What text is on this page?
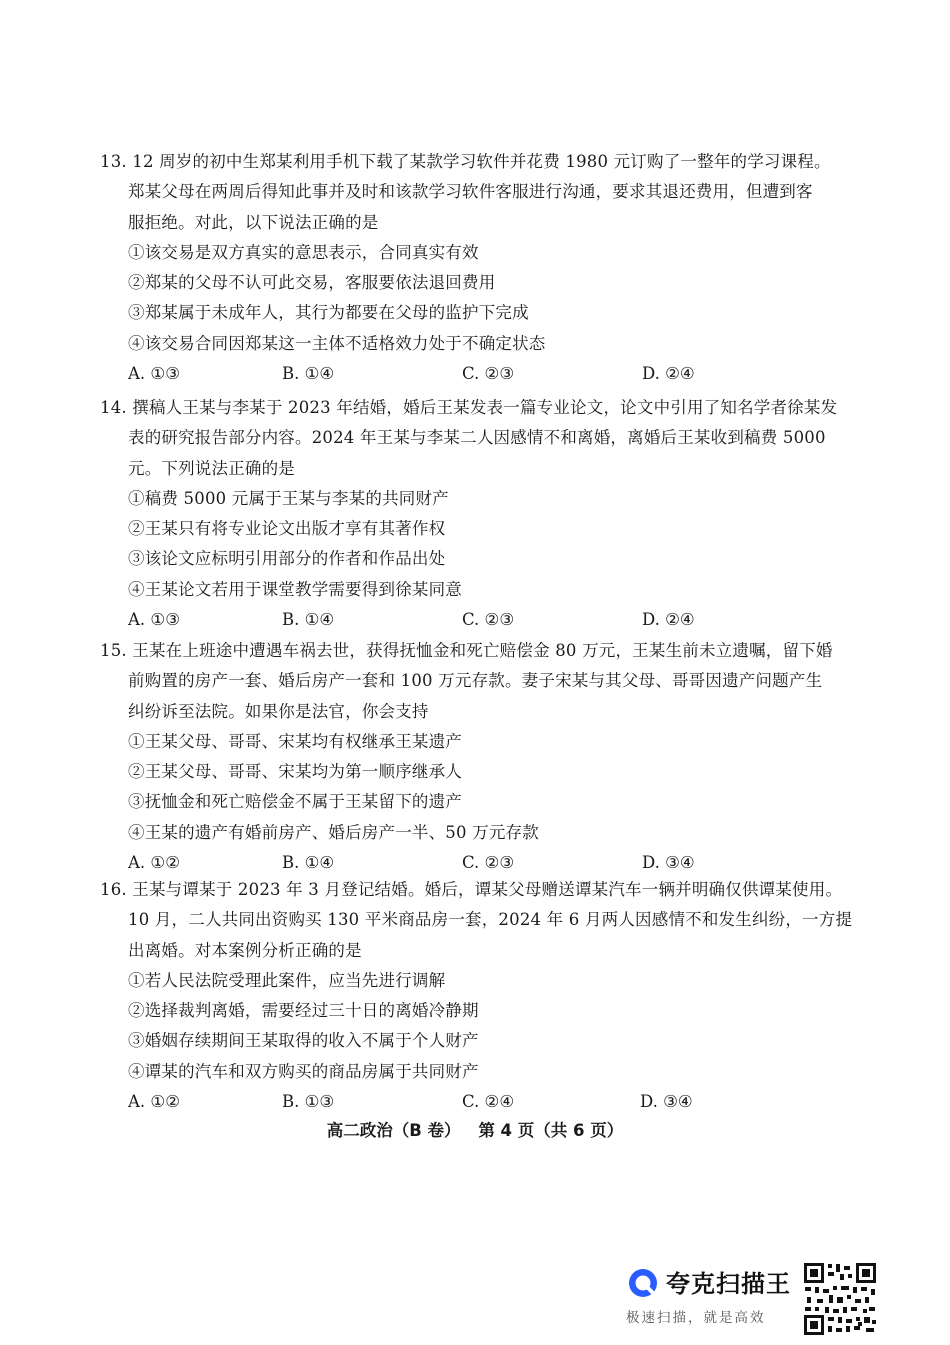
13. 12 周岁的初中生郑某利用手机下载了某款学习软件并花费 1980 元订购了一整年的学习课程。
郑某父母在两周后得知此事并及时和该款学习软件客服进行沟通，要求其退还费用，但遭到客
服拒绝。对此，以下说法正确的是
①该交易是双方真实的意思表示，合同真实有效
②郑某的父母不认可此交易，客服要依法退回费用
③郑某属于未成年人，其行为都要在父母的监护下完成
④该交易合同因郑某这一主体不适格效力处于不确定状态
A. ①③	B. ①④	C. ②③	D. ②④
14. 撰稿人王某与李某于 2023 年结婚，婚后王某发表一篇专业论文，论文中引用了知名学者徐某发
表的研究报告部分内容。2024 年王某与李某二人因感情不和离婚，离婚后王某收到稿费 5000
元。下列说法正确的是
①稿费 5000 元属于王某与李某的共同财产
②王某只有将专业论文出版才享有其著作权
③该论文应标明引用部分的作者和作品出处
④王某论文若用于课堂教学需要得到徐某同意
A. ①③	B. ①④	C. ②③	D. ②④
15. 王某在上班途中遭遇车祸去世，获得抚恤金和死亡赔偿金 80 万元，王某生前未立遗嘱，留下婚
前购置的房产一套、婚后房产一套和 100 万元存款。妻子宋某与其父母、哥哥因遗产问题产生
纠纷诉至法院。如果你是法官，你会支持
①王某父母、哥哥、宋某均有权继承王某遗产
②王某父母、哥哥、宋某均为第一顺序继承人
③抚恤金和死亡赔偿金不属于王某留下的遗产
④王某的遗产有婚前房产、婚后房产一半、50 万元存款
A. ①②	B. ①④	C. ②③	D. ③④
16. 王某与谭某于 2023 年 3 月登记结婚。婚后，谭某父母赠送谭某汽车一辆并明确仅供谭某使用。
10 月，二人共同出资购买 130 平米商品房一套，2024 年 6 月两人因感情不和发生纠纷，一方提
出离婚。对本案例分析正确的是
①若人民法院受理此案件，应当先进行调解
②选择裁判离婚，需要经过三十日的离婚冷静期
③婚姻存续期间王某取得的收入不属于个人财产
④谭某的汽车和双方购买的商品房属于共同财产
A. ①②	B. ①③	C. ②④	D. ③④
高二政治（B 卷） 第 4 页（共 6 页）
夸克扫描王
极速扫描，就是高效
